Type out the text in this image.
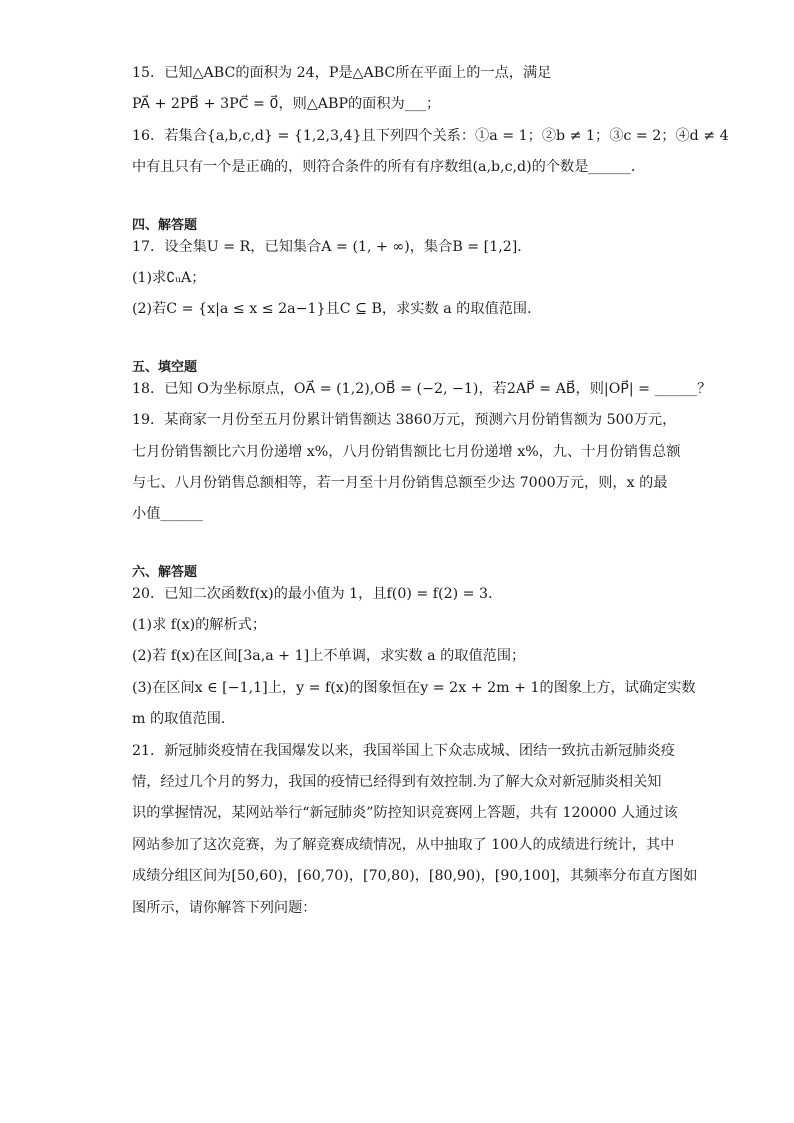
15．已知△ABC的面积为 24，P是△ABC所在平面上的一点，满足
PA⃗ + 2PB⃗ + 3PC⃗ = 0⃗，则△ABP的面积为___；
16．若集合{a,b,c,d} = {1,2,3,4}且下列四个关系：①a = 1；②b ≠ 1；③c = 2；④d ≠ 4
中有且只有一个是正确的，则符合条件的所有有序数组(a,b,c,d)的个数是______．
四、解答题
17．设全集U = R，已知集合A = (1, + ∞)，集合B = [1,2]．
(1)求∁ᵤA；
(2)若C = {x|a ≤ x ≤ 2a−1}且C ⊆ B，求实数 a 的取值范围．
五、填空题
18．已知 O为坐标原点，OA⃗ = (1,2),OB⃗ = (−2, −1)，若2AP⃗ = AB⃗，则|OP⃗| = ______？
19．某商家一月份至五月份累计销售额达 3860万元，预测六月份销售额为 500万元，
七月份销售额比六月份递增 x%，八月份销售额比七月份递增 x%，九、十月份销售总额
与七、八月份销售总额相等，若一月至十月份销售总额至少达 7000万元，则，x 的最
小值______
六、解答题
20．已知二次函数f(x)的最小值为 1，且f(0) = f(2) = 3．
(1)求 f(x)的解析式；
(2)若 f(x)在区间[3a,a + 1]上不单调，求实数 a 的取值范围；
(3)在区间x ∈ [−1,1]上，y = f(x)的图象恒在y = 2x + 2m + 1的图象上方，试确定实数
m 的取值范围．
21．新冠肺炎疫情在我国爆发以来，我国举国上下众志成城、团结一致抗击新冠肺炎疫
情，经过几个月的努力，我国的疫情已经得到有效控制.为了解大众对新冠肺炎相关知
识的掌握情况，某网站举行“新冠肺炎”防控知识竞赛网上答题，共有 120000 人通过该
网站参加了这次竞赛，为了解竞赛成绩情况，从中抽取了 100人的成绩进行统计，其中
成绩分组区间为[50,60)，[60,70)，[70,80)，[80,90)，[90,100]，其频率分布直方图如
图所示，请你解答下列问题：
